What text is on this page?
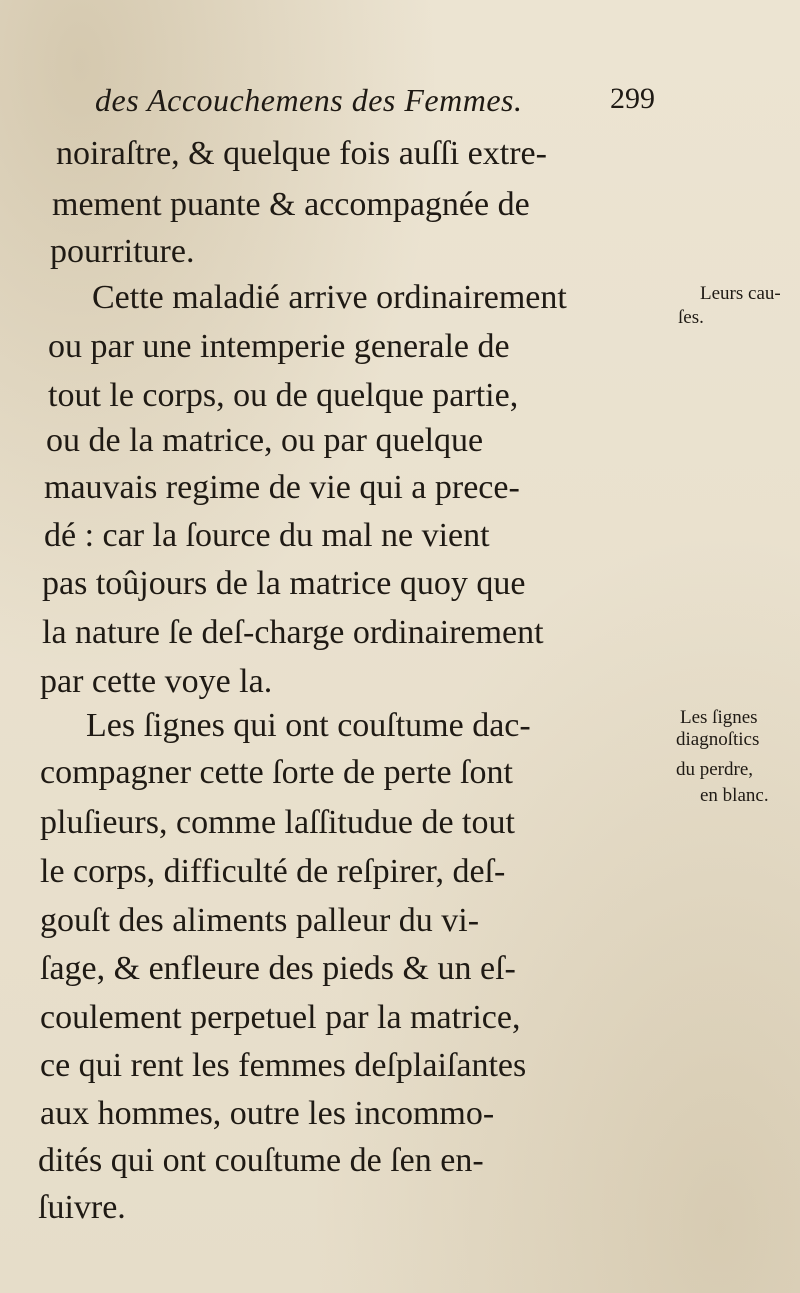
des Accouchemens des Femmes.	299
noiraſtre, & quelque fois auſſi extre-
mement puante & accompagnée de
pourriture.
Cette maladié arrive ordinairement
ou par une intemperie generale de
tout le corps, ou de quelque partie,
ou de la matrice, ou par quelque
mauvais regime de vie qui a prece-
dé : car la ſource du mal ne vient
pas toûjours de la matrice quoy que
la nature ſe deſ-charge ordinairement
par cette voye la.
Les ſignes qui ont couſtume dac-
compagner cette ſorte de perte ſont
pluſieurs, comme laſſitudue de tout
le corps, difficulté de reſpirer, deſ-
gouſt des aliments palleur du vi-
ſage, & enfleure des pieds & un eſ-
coulement perpetuel par la matrice,
ce qui rent les femmes deſplaiſantes
aux hommes, outre les incommo-
dités qui ont couſtume de ſen en-
ſuivre.
Leurs cau-
ſes.
Les ſignes
diagnoſtics
du perdre,
en blanc.
